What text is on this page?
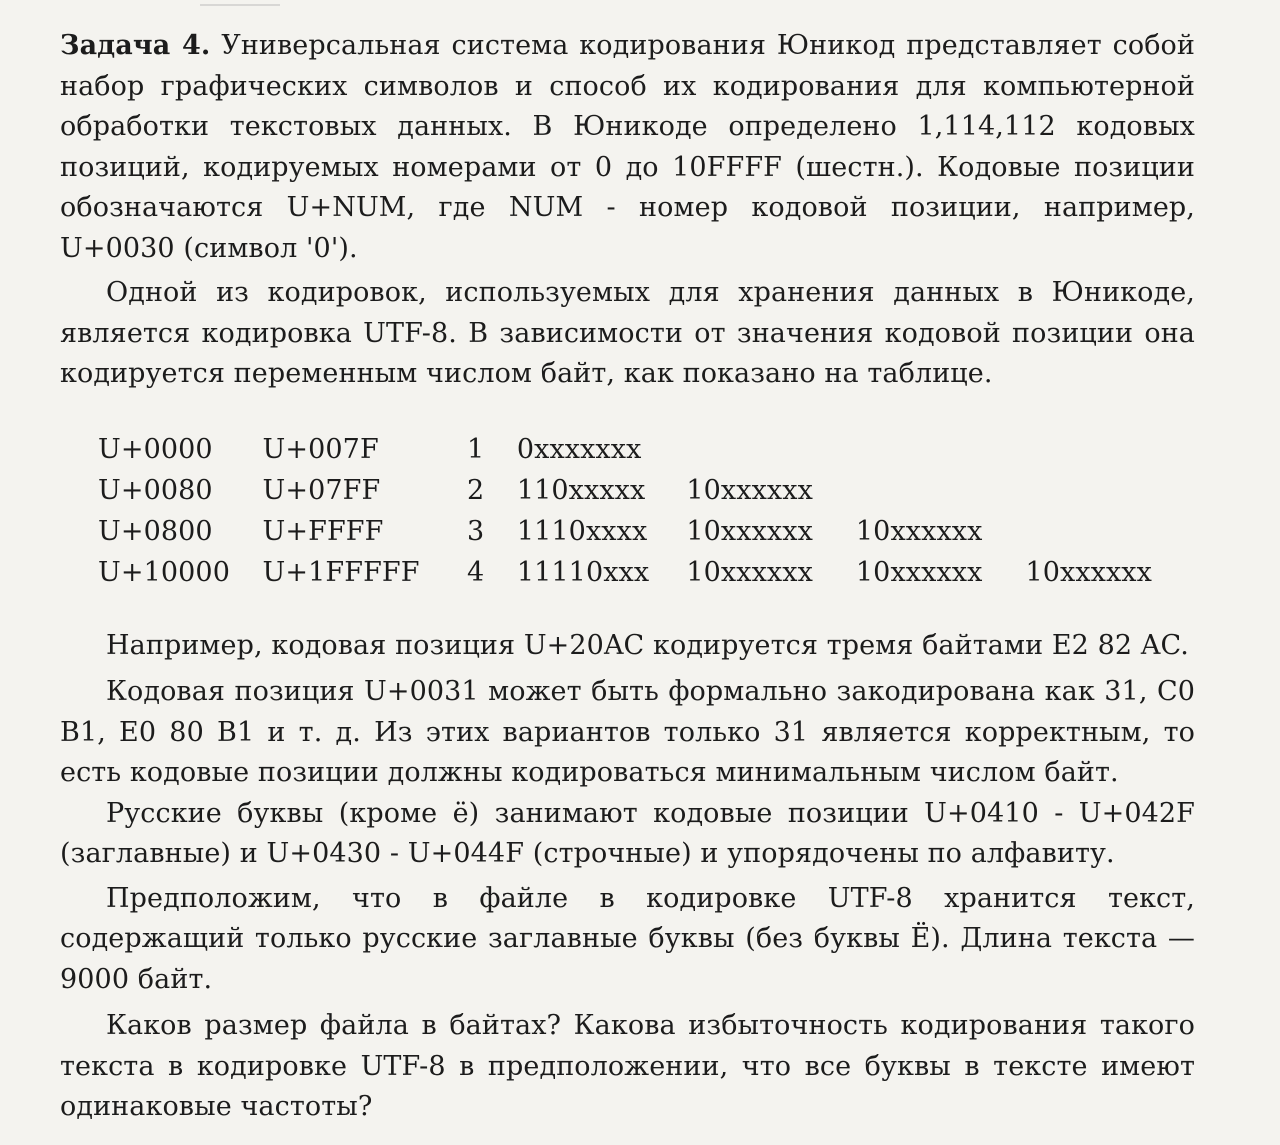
Задача 4. Универсальная система кодирования Юникод представляет собой набор графических символов и способ их кодирования для компьютерной обработки текстовых данных. В Юникоде определено 1,114,112 кодовых позиций, кодируемых номерами от 0 до 10FFFF (шестн.). Кодовые позиции обозначаются U+NUM, где NUM - номер кодовой позиции, например, U+0030 (символ '0').

Одной из кодировок, используемых для хранения данных в Юникоде, является кодировка UTF-8. В зависимости от значения кодовой позиции она кодируется переменным числом байт, как показано на таблице.

U+0000	U+007F	1	0xxxxxxx
U+0080	U+07FF	2	110xxxxx	10xxxxxx
U+0800	U+FFFF	3	1110xxxx	10xxxxxx	10xxxxxx
U+10000	U+1FFFFF	4	11110xxx	10xxxxxx	10xxxxxx	10xxxxxx

Например, кодовая позиция U+20AC кодируется тремя байтами E2 82 AC.

Кодовая позиция U+0031 может быть формально закодирована как 31, C0 B1, E0 80 B1 и т. д. Из этих вариантов только 31 является корректным, то есть кодовые позиции должны кодироваться минимальным числом байт.

Русские буквы (кроме ё) занимают кодовые позиции U+0410 - U+042F (заглавные) и U+0430 - U+044F (строчные) и упорядочены по алфавиту.

Предположим, что в файле в кодировке UTF-8 хранится текст, содержащий только русские заглавные буквы (без буквы Ё). Длина текста — 9000 байт.

Каков размер файла в байтах? Какова избыточность кодирования такого текста в кодировке UTF-8 в предположении, что все буквы в тексте имеют одинаковые частоты?
